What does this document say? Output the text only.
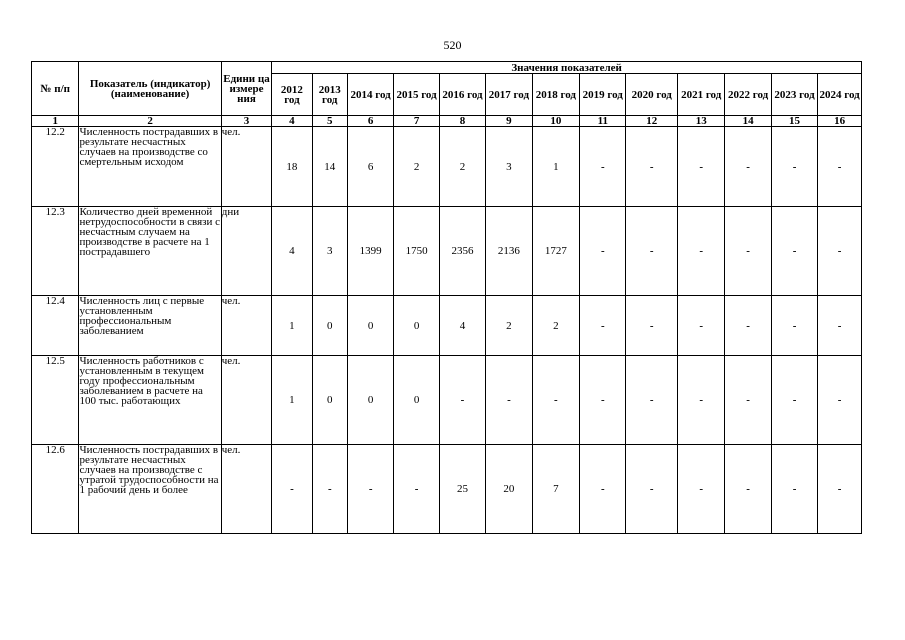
520
№ п/п	Показатель (индикатор) (наименование)	Едини ца измере ния	Значения показателей												
			2012 год	2013 год	2014 год	2015 год	2016 год	2017 год	2018 год	2019 год	2020 год	2021 год	2022 год	2023 год	2024 год
1	2	3	4	5	6	7	8	9	10	11	12	13	14	15	16
12.2	Численность пострадавших в результате несчастных случаев на производстве со смертельным исходом	чел.	18	14	6	2	2	3	1	-	-	-	-	-	-
12.3	Количество дней временной нетрудоспособности в связи с несчастным случаем на производстве в расчете на 1 пострадавшего	дни	4	3	1399	1750	2356	2136	1727	-	-	-	-	-	-
12.4	Численность лиц с первые установленным профессиональным заболеванием	чел.	1	0	0	0	4	2	2	-	-	-	-	-	-
12.5	Численность работников с установленным в текущем году профессиональным заболеванием в расчете на 100 тыс. работающих	чел.	1	0	0	0	-	-	-	-	-	-	-	-	-
12.6	Численность пострадавших в результате несчастных случаев на производстве с утратой трудоспособности на 1 рабочий день и более	чел.	-	-	-	-	25	20	7	-	-	-	-	-	-
